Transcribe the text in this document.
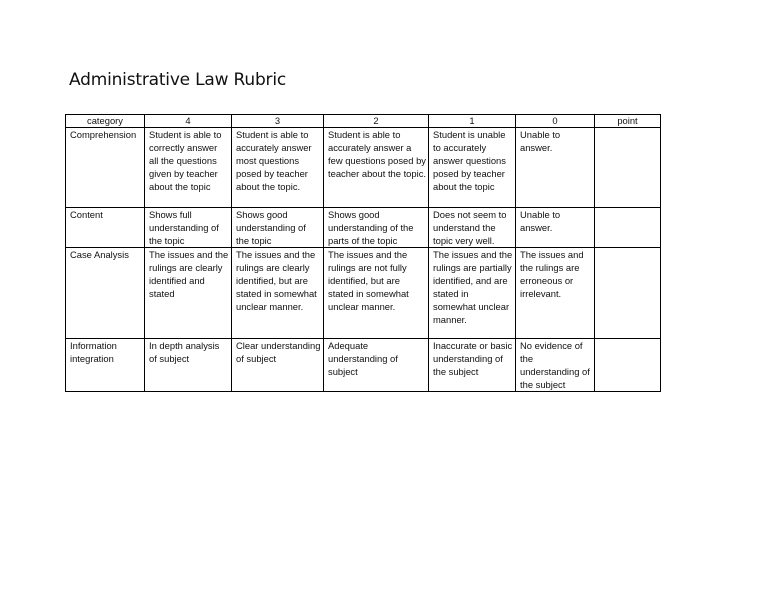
Administrative Law Rubric
category	4	3	2	1	0	point
Comprehension	Student is able to correctly answer all the questions given by teacher about the topic	Student is able to accurately answer most questions posed by teacher about the topic.	Student is able to accurately answer a few questions posed by teacher about the topic.	Student is unable to accurately answer questions posed by teacher about the topic	Unable to answer.	
Content	Shows full understanding of the topic	Shows good understanding of the topic	Shows good understanding of the parts of the topic	Does not seem to understand the topic very well.	Unable to answer.	
Case Analysis	The issues and the rulings are clearly identified and stated	The issues and the rulings are clearly identified, but are stated in somewhat unclear manner.	The issues and the rulings are not fully identified, but are stated in somewhat unclear manner.	The issues and the rulings are partially identified, and are stated in somewhat unclear manner.	The issues and the rulings are erroneous or irrelevant.	
Information integration	In depth analysis of subject	Clear understanding of subject	Adequate understanding of subject	Inaccurate or basic understanding of the subject	No evidence of the understanding of the subject	
